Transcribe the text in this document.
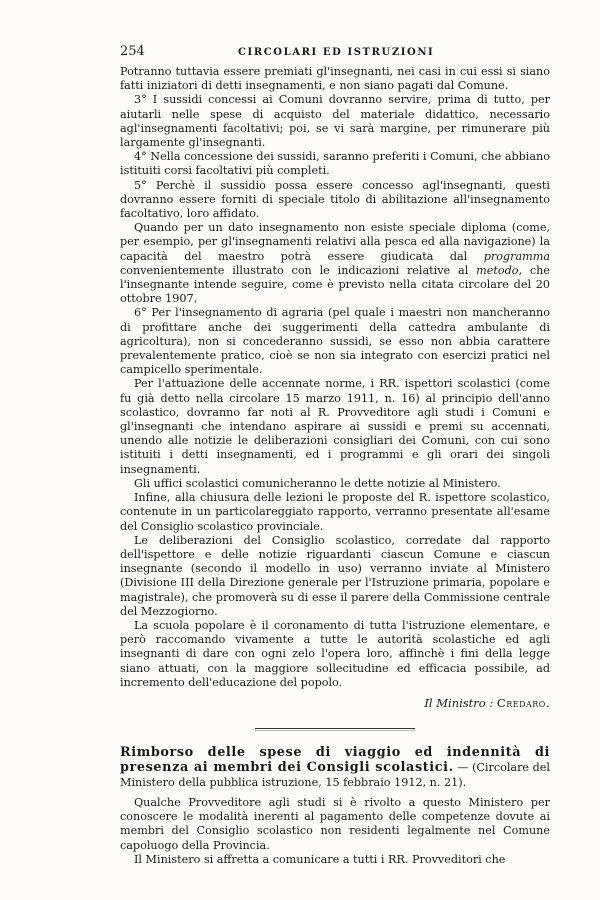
254	CIRCOLARI ED ISTRUZIONI

Potranno tuttavia essere premiati gl'insegnanti, nei casi in cui essi si siano fatti iniziatori di detti insegnamenti, e non siano pagati dal Comune.

3° I sussidi concessi ai Comuni dovranno servire, prima di tutto, per aiutarli nelle spese di acquisto del materiale didattico, necessario agl'insegnamenti facoltativi; poi, se vi sarà margine, per rimunerare più largamente gl'insegnanti.

4° Nella concessione dei sussidi, saranno preferiti i Comuni, che abbiano istituiti corsi facoltativi più completi.

5° Perchè il sussidio possa essere concesso agl'insegnanti, questi dovranno essere forniti di speciale titolo di abilitazione all'insegnamento facoltativo, loro affidato.

Quando per un dato insegnamento non esiste speciale diploma (come, per esempio, per gl'insegnamenti relativi alla pesca ed alla navigazione) la capacità del maestro potrà essere giudicata dal programma convenientemente illustrato con le indicazioni relative al metodo, che l'insegnante intende seguire, come è previsto nella citata circolare del 20 ottobre 1907.

6° Per l'insegnamento di agraria (pel quale i maestri non mancheranno di profittare anche dei suggerimenti della cattedra ambulante di agricoltura), non si concederanno sussidi, se esso non abbia carattere prevalentemente pratico, cioè se non sia integrato con esercizi pratici nel campicello sperimentale.

Per l'attuazione delle accennate norme, i RR. ispettori scolastici (come fu già detto nella circolare 15 marzo 1911, n. 16) al principio dell'anno scolastico, dovranno far noti al R. Provveditore agli studi i Comuni e gl'insegnanti che intendano aspirare ai sussidi e premi su accennati, unendo alle notizie le deliberazioni consigliari dei Comuni, con cui sono istituiti i detti insegnamenti, ed i programmi e gli orari dei singoli insegnamenti.

Gli uffici scolastici comunicheranno le dette notizie al Ministero.

Infine, alla chiusura delle lezioni le proposte del R. ispettore scolastico, contenute in un particolareggiato rapporto, verranno presentate all'esame del Consiglio scolastico provinciale.

Le deliberazioni del Consiglio scolastico, corredate dal rapporto dell'ispettore e delle notizie riguardanti ciascun Comune e ciascun insegnante (secondo il modello in uso) verranno inviate al Ministero (Divisione III della Direzione generale per l'Istruzione primaria, popolare e magistrale), che promoverà su di esse il parere della Commissione centrale del Mezzogiorno.

La scuola popolare è il coronamento di tutta l'istruzione elementare, e però raccomando vivamente a tutte le autorità scolastiche ed agli insegnanti di dare con ogni zelo l'opera loro, affinchè i fini della legge siano attuati, con la maggiore sollecitudine ed efficacia possibile, ad incremento dell'educazione del popolo.

Il Ministro : Credaro.

Rimborso delle spese di viaggio ed indennità di presenza ai membri dei Consigli scolastici. — (Circolare del Ministero della pubblica istruzione, 15 febbraio 1912, n. 21).

Qualche Provveditore agli studi si è rivolto a questo Ministero per conoscere le modalità inerenti al pagamento delle competenze dovute ai membri del Consiglio scolastico non residenti legalmente nel Comune capoluogo della Provincia.

Il Ministero si affretta a comunicare a tutti i RR. Provveditori che
